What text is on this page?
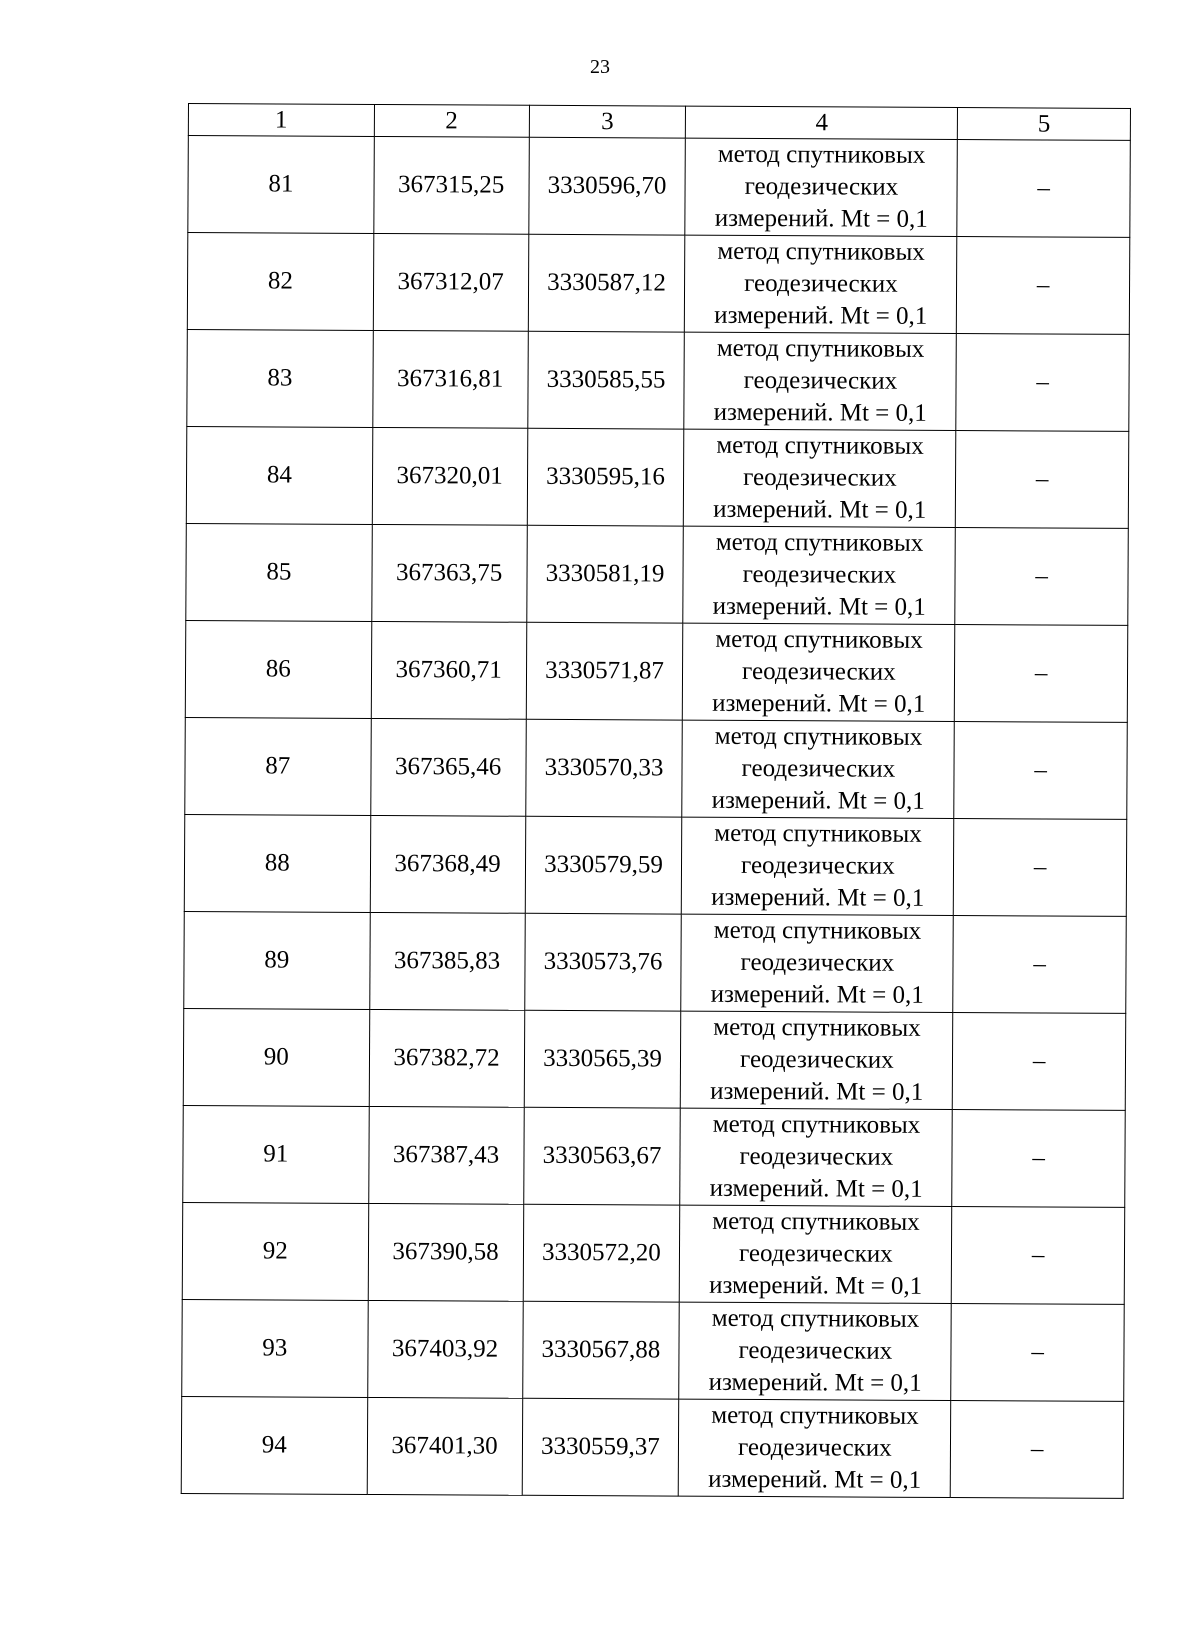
23
1	2	3	4	5
81	367315,25	3330596,70	метод спутниковых
геодезических
измерений. Mt = 0,1	–
82	367312,07	3330587,12	метод спутниковых
геодезических
измерений. Mt = 0,1	–
83	367316,81	3330585,55	метод спутниковых
геодезических
измерений. Mt = 0,1	–
84	367320,01	3330595,16	метод спутниковых
геодезических
измерений. Mt = 0,1	–
85	367363,75	3330581,19	метод спутниковых
геодезических
измерений. Mt = 0,1	–
86	367360,71	3330571,87	метод спутниковых
геодезических
измерений. Mt = 0,1	–
87	367365,46	3330570,33	метод спутниковых
геодезических
измерений. Mt = 0,1	–
88	367368,49	3330579,59	метод спутниковых
геодезических
измерений. Mt = 0,1	–
89	367385,83	3330573,76	метод спутниковых
геодезических
измерений. Mt = 0,1	–
90	367382,72	3330565,39	метод спутниковых
геодезических
измерений. Mt = 0,1	–
91	367387,43	3330563,67	метод спутниковых
геодезических
измерений. Mt = 0,1	–
92	367390,58	3330572,20	метод спутниковых
геодезических
измерений. Mt = 0,1	–
93	367403,92	3330567,88	метод спутниковых
геодезических
измерений. Mt = 0,1	–
94	367401,30	3330559,37	метод спутниковых
геодезических
измерений. Mt = 0,1	–
